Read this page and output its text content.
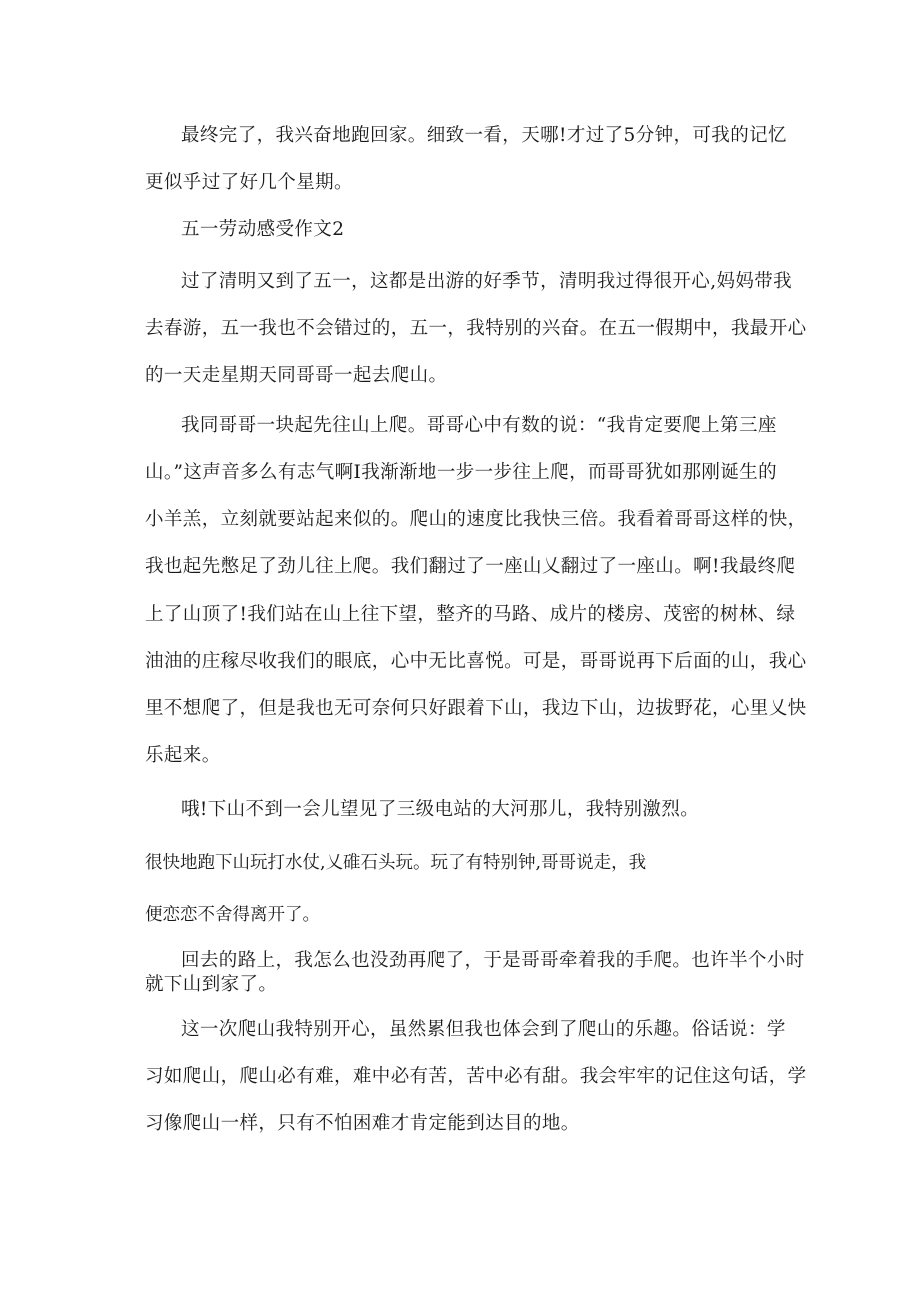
最终完了，我兴奋地跑回家。细致一看，天哪!才过了5分钟，可我的记忆
更似乎过了好几个星期。
五一劳动感受作文2
过了清明又到了五一，这都是出游的好季节，清明我过得很开心,妈妈带我
去春游，五一我也不会错过的，五一，我特别的兴奋。在五一假期中，我最开心
的一天走星期天同哥哥一起去爬山。
我同哥哥一块起先往山上爬。哥哥心中有数的说：“我肯定要爬上第三座
山。”这声音多么有志气啊I我渐渐地一步一步往上爬，而哥哥犹如那刚诞生的
小羊羔，立刻就要站起来似的。爬山的速度比我快三倍。我看着哥哥这样的快，
我也起先憋足了劲儿往上爬。我们翻过了一座山乂翻过了一座山。啊!我最终爬
上了山顶了!我们站在山上往下望，整齐的马路、成片的楼房、茂密的树林、绿
油油的庄稼尽收我们的眼底，心中无比喜悦。可是，哥哥说再下后面的山，我心
里不想爬了，但是我也无可奈何只好跟着下山，我边下山，边拔野花，心里乂快
乐起来。
哦!下山不到一会儿望见了三级电站的大河那儿，我特别激烈。
很快地跑下山玩打水仗,乂碓石头玩。玩了有特别钟,哥哥说走，我
便恋恋不舍得离开了。
回去的路上，我怎么也没劲再爬了，于是哥哥牵着我的手爬。也许半个小时
就下山到家了。
这一次爬山我特别开心，虽然累但我也体会到了爬山的乐趣。俗话说：学
习如爬山，爬山必有难，难中必有苦，苦中必有甜。我会牢牢的记住这句话，学
习像爬山一样，只有不怕困难才肯定能到达目的地。
